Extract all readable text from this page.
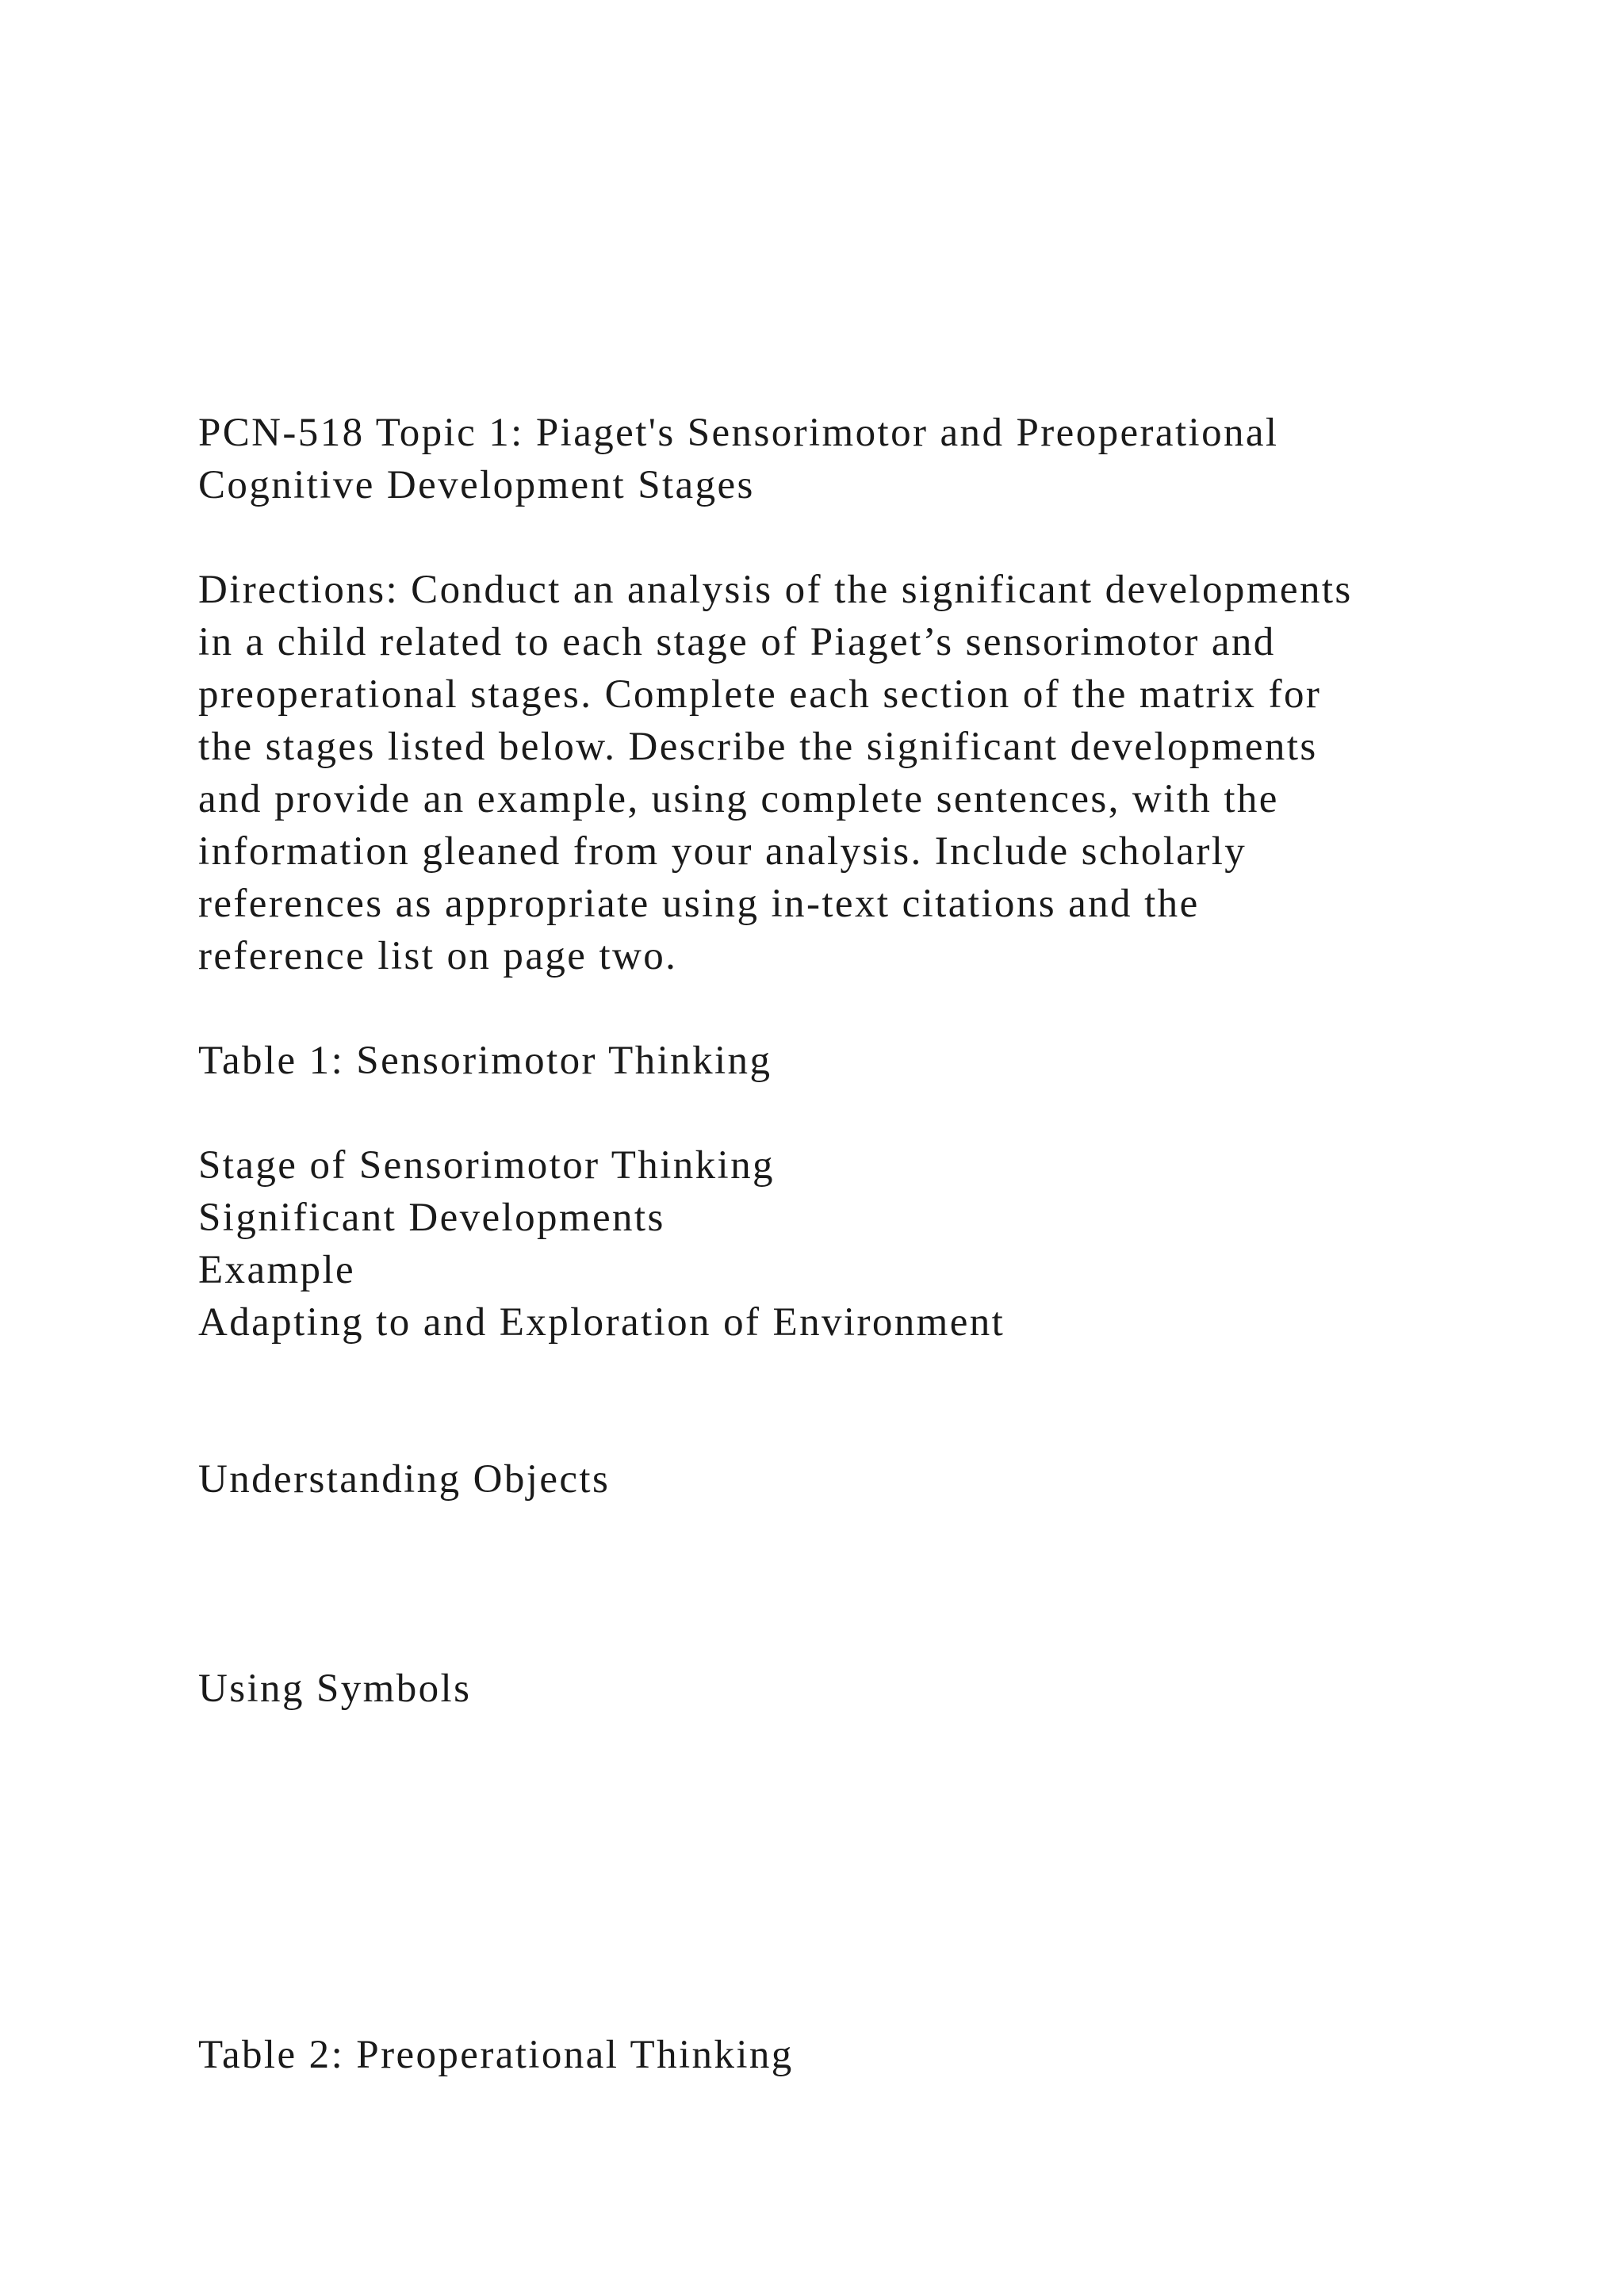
PCN-518 Topic 1: Piaget's Sensorimotor and Preoperational
Cognitive Development Stages
Directions: Conduct an analysis of the significant developments
in a child related to each stage of Piaget’s sensorimotor and
preoperational stages. Complete each section of the matrix for
the stages listed below. Describe the significant developments
and provide an example, using complete sentences, with the
information gleaned from your analysis. Include scholarly
references as appropriate using in-text citations and the
reference list on page two.
Table 1: Sensorimotor Thinking
Stage of Sensorimotor Thinking
Significant Developments
Example
Adapting to and Exploration of Environment
Understanding Objects
Using Symbols
Table 2: Preoperational Thinking
